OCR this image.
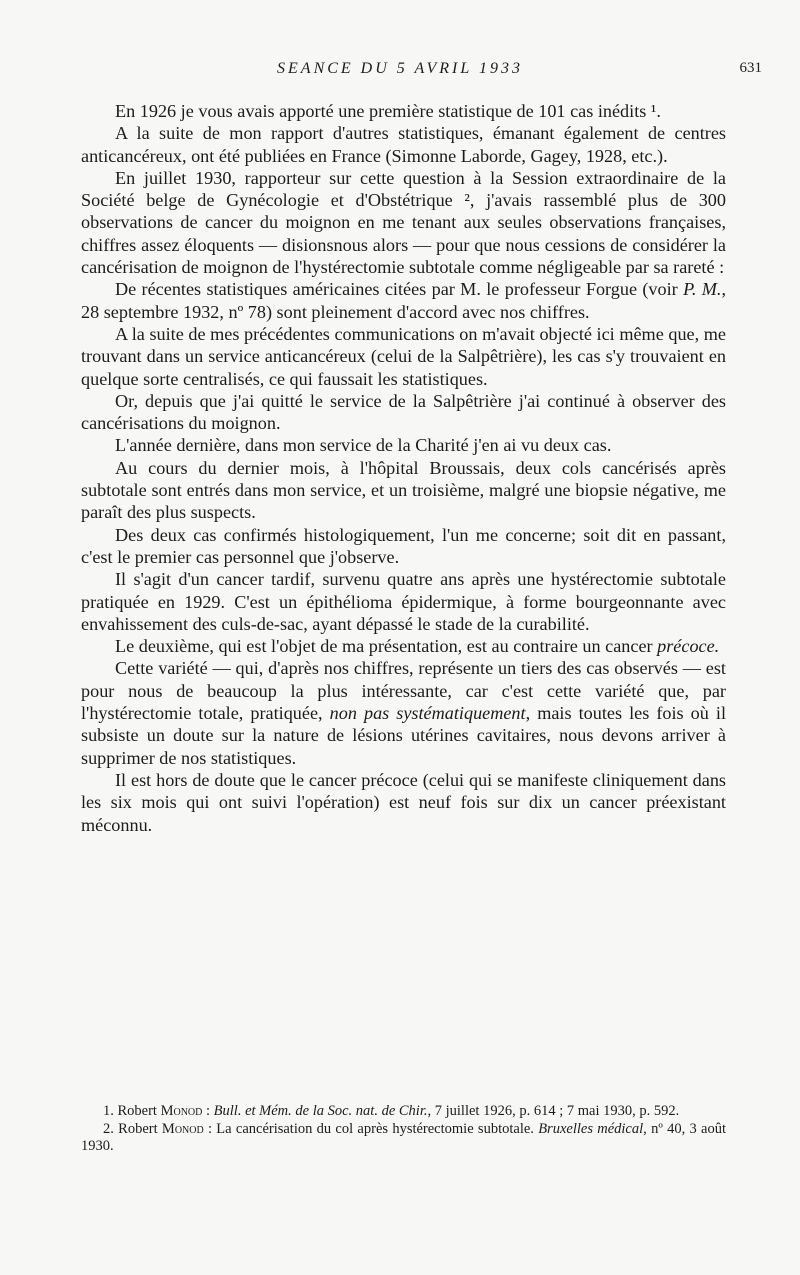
SEANCE DU 5 AVRIL 1933	631

En 1926 je vous avais apporté une première statistique de 101 cas inédits ¹.

A la suite de mon rapport d'autres statistiques, émanant également de centres anticancéreux, ont été publiées en France (Simonne Laborde, Gagey, 1928, etc.).

En juillet 1930, rapporteur sur cette question à la Session extraordinaire de la Société belge de Gynécologie et d'Obstétrique ², j'avais rassemblé plus de 300 observations de cancer du moignon en me tenant aux seules observations françaises, chiffres assez éloquents — disionsnous alors — pour que nous cessions de considérer la cancérisation de moignon de l'hystérectomie subtotale comme négligeable par sa rareté :

De récentes statistiques américaines citées par M. le professeur Forgue (voir P. M., 28 septembre 1932, nº 78) sont pleinement d'accord avec nos chiffres.

A la suite de mes précédentes communications on m'avait objecté ici même que, me trouvant dans un service anticancéreux (celui de la Salpêtrière), les cas s'y trouvaient en quelque sorte centralisés, ce qui faussait les statistiques.

Or, depuis que j'ai quitté le service de la Salpêtrière j'ai continué à observer des cancérisations du moignon.

L'année dernière, dans mon service de la Charité j'en ai vu deux cas.

Au cours du dernier mois, à l'hôpital Broussais, deux cols cancérisés après subtotale sont entrés dans mon service, et un troisième, malgré une biopsie négative, me paraît des plus suspects.

Des deux cas confirmés histologiquement, l'un me concerne; soit dit en passant, c'est le premier cas personnel que j'observe.

Il s'agit d'un cancer tardif, survenu quatre ans après une hystérectomie subtotale pratiquée en 1929. C'est un épithélioma épidermique, à forme bourgeonnante avec envahissement des culs-de-sac, ayant dépassé le stade de la curabilité.

Le deuxième, qui est l'objet de ma présentation, est au contraire un cancer précoce.

Cette variété — qui, d'après nos chiffres, représente un tiers des cas observés — est pour nous de beaucoup la plus intéressante, car c'est cette variété que, par l'hystérectomie totale, pratiquée, non pas systématiquement, mais toutes les fois où il subsiste un doute sur la nature de lésions utérines cavitaires, nous devons arriver à supprimer de nos statistiques.

Il est hors de doute que le cancer précoce (celui qui se manifeste cliniquement dans les six mois qui ont suivi l'opération) est neuf fois sur dix un cancer préexistant méconnu.

1. Robert Monod : Bull. et Mém. de la Soc. nat. de Chir., 7 juillet 1926, p. 614 ; 7 mai 1930, p. 592.

2. Robert Monod : La cancérisation du col après hystérectomie subtotale. Bruxelles médical, nº 40, 3 août 1930.
